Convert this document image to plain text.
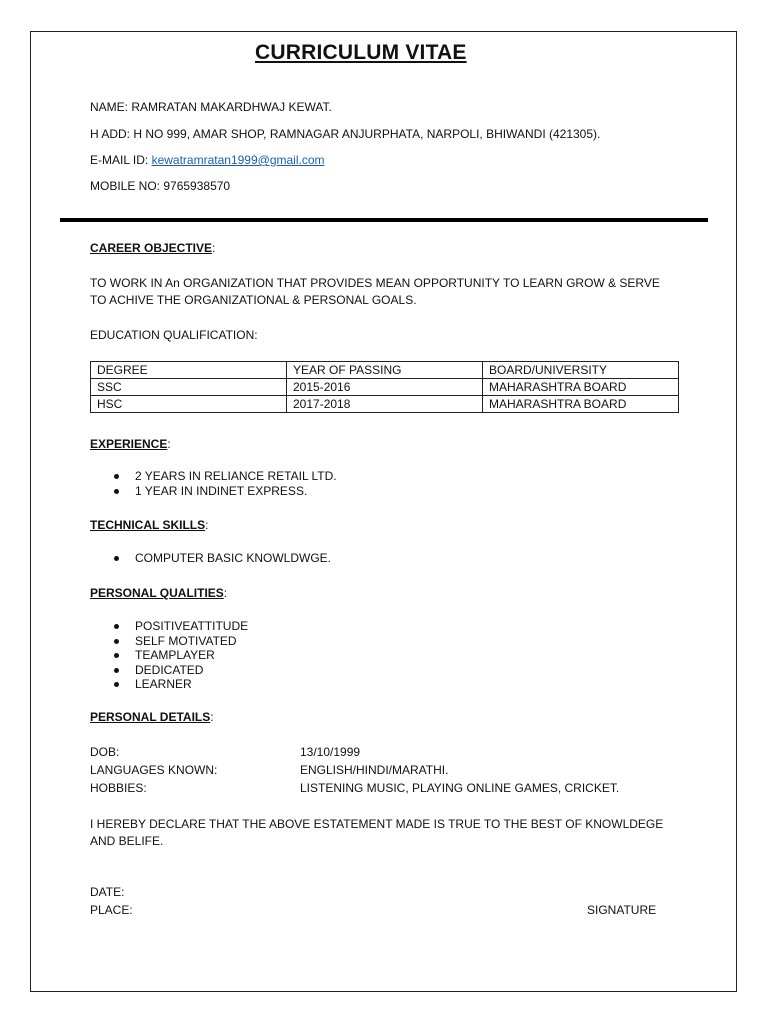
CURRICULUM VITAE
NAME: RAMRATAN MAKARDHWAJ KEWAT.
H ADD: H NO 999, AMAR SHOP, RAMNAGAR ANJURPHATA, NARPOLI, BHIWANDI (421305).
E-MAIL ID: kewatramratan1999@gmail.com
MOBILE NO: 9765938570
CAREER OBJECTIVE:
TO WORK IN An ORGANIZATION THAT PROVIDES MEAN OPPORTUNITY TO LEARN GROW & SERVE TO ACHIVE THE ORGANIZATIONAL & PERSONAL GOALS.
EDUCATION QUALIFICATION:
DEGREE	YEAR OF PASSING	BOARD/UNIVERSITY
SSC	2015-2016	MAHARASHTRA BOARD
HSC	2017-2018	MAHARASHTRA BOARD
EXPERIENCE:
2 YEARS IN RELIANCE RETAIL LTD.
1 YEAR IN INDINET EXPRESS.
TECHNICAL SKILLS:
COMPUTER BASIC KNOWLDWGE.
PERSONAL QUALITIES:
POSITIVEATTITUDE
SELF MOTIVATED
TEAMPLAYER
DEDICATED
LEARNER
PERSONAL DETAILS:
DOB:	13/10/1999
LANGUAGES KNOWN:	ENGLISH/HINDI/MARATHI.
HOBBIES:	LISTENING MUSIC, PLAYING ONLINE GAMES, CRICKET.
I HEREBY DECLARE THAT THE ABOVE ESTATEMENT MADE IS TRUE TO THE BEST OF KNOWLDEGE AND BELIFE.
DATE:
PLACE:	SIGNATURE
